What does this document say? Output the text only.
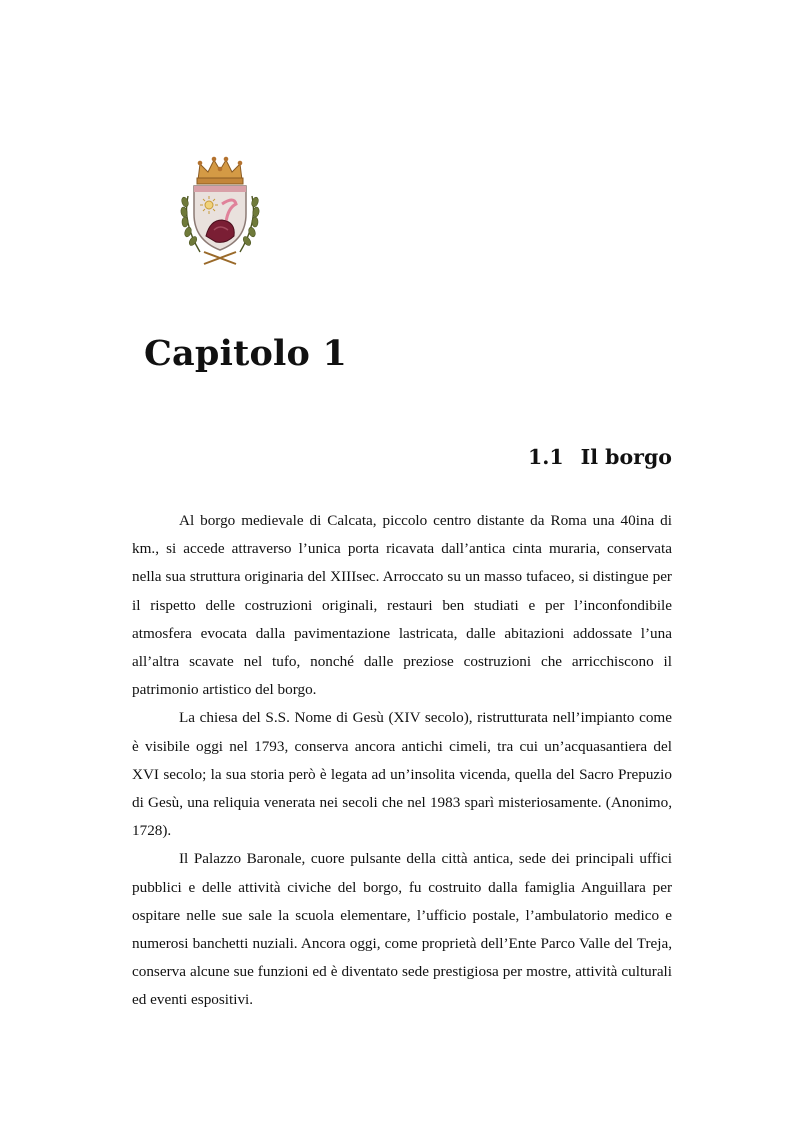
Capitolo 1
1.1 Il borgo

Al borgo medievale di Calcata, piccolo centro distante da Roma una 40ina di km., si accede attraverso l’unica porta ricavata dall’antica cinta muraria, conservata nella sua struttura originaria del XIIIsec. Arroccato su un masso tufaceo, si distingue per il rispetto delle costruzioni originali, restauri ben studiati e per l’inconfondibile atmosfera evocata dalla pavimentazione lastricata, dalle abitazioni addossate l’una all’altra scavate nel tufo, nonché dalle preziose costruzioni che arricchiscono il patrimonio artistico del borgo.

La chiesa del S.S. Nome di Gesù (XIV secolo), ristrutturata nell’impianto come è visibile oggi nel 1793, conserva ancora antichi cimeli, tra cui un’acquasantiera del XVI secolo; la sua storia però è legata ad un’insolita vicenda, quella del Sacro Prepuzio di Gesù, una reliquia venerata nei secoli che nel 1983 sparì misteriosamente. (Anonimo, 1728).

Il Palazzo Baronale, cuore pulsante della città antica, sede dei principali uffici pubblici e delle attività civiche del borgo, fu costruito dalla famiglia Anguillara per ospitare nelle sue sale la scuola elementare, l’ufficio postale, l’ambulatorio medico e numerosi banchetti nuziali. Ancora oggi, come proprietà dell’Ente Parco Valle del Treja, conserva alcune sue funzioni ed è diventato sede prestigiosa per mostre, attività culturali ed eventi espositivi.
